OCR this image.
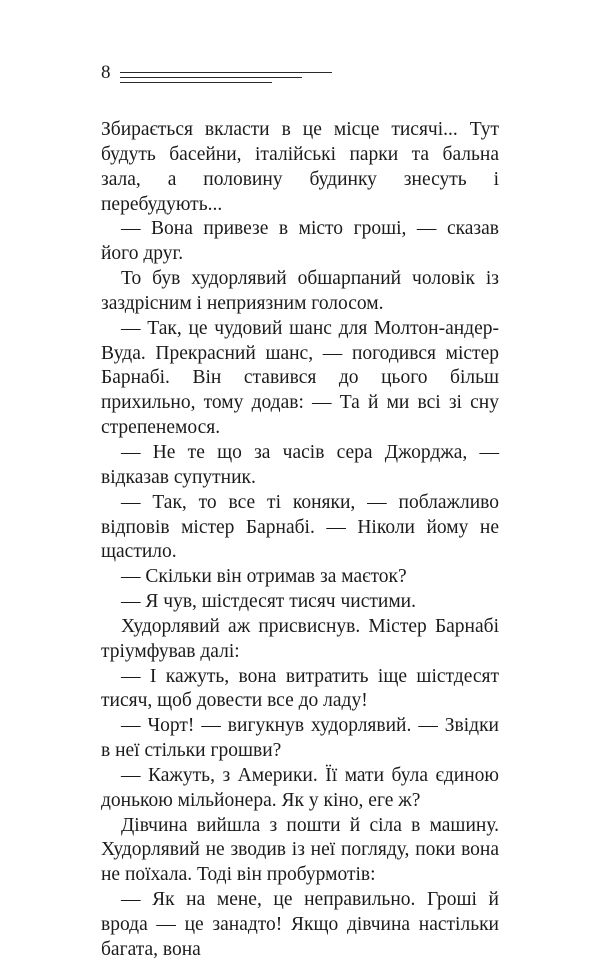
8

Збирається вкласти в це місце тисячі... Тут будуть басейни, італійські парки та бальна зала, а половину будинку знесуть і перебудують...

— Вона привезе в місто гроші, — сказав його друг.

То був худорлявий обшарпаний чоловік із заздрісним і неприязним голосом.

— Так, це чудовий шанс для Молтон-андер-Вуда. Прекрасний шанс, — погодився містер Барнабі. Він ставився до цього більш прихильно, тому додав: — Та й ми всі зі сну стрепенемося.

— Не те що за часів сера Джорджа, — відказав супутник.

— Так, то все ті коняки, — поблажливо відповів містер Барнабі. — Ніколи йому не щастило.

— Скільки він отримав за маєток?

— Я чув, шістдесят тисяч чистими.

Худорлявий аж присвиснув. Містер Барнабі тріумфував далі:

— І кажуть, вона витратить іще шістдесят тисяч, щоб довести все до ладу!

— Чорт! — вигукнув худорлявий. — Звідки в неї стільки грошви?

— Кажуть, з Америки. Її мати була єдиною донькою мільйонера. Як у кіно, еге ж?

Дівчина вийшла з пошти й сіла в машину. Худорлявий не зводив із неї погляду, поки вона не поїхала. Тоді він пробурмотів:

— Як на мене, це неправильно. Гроші й врода — це занадто! Якщо дівчина настільки багата, вона
